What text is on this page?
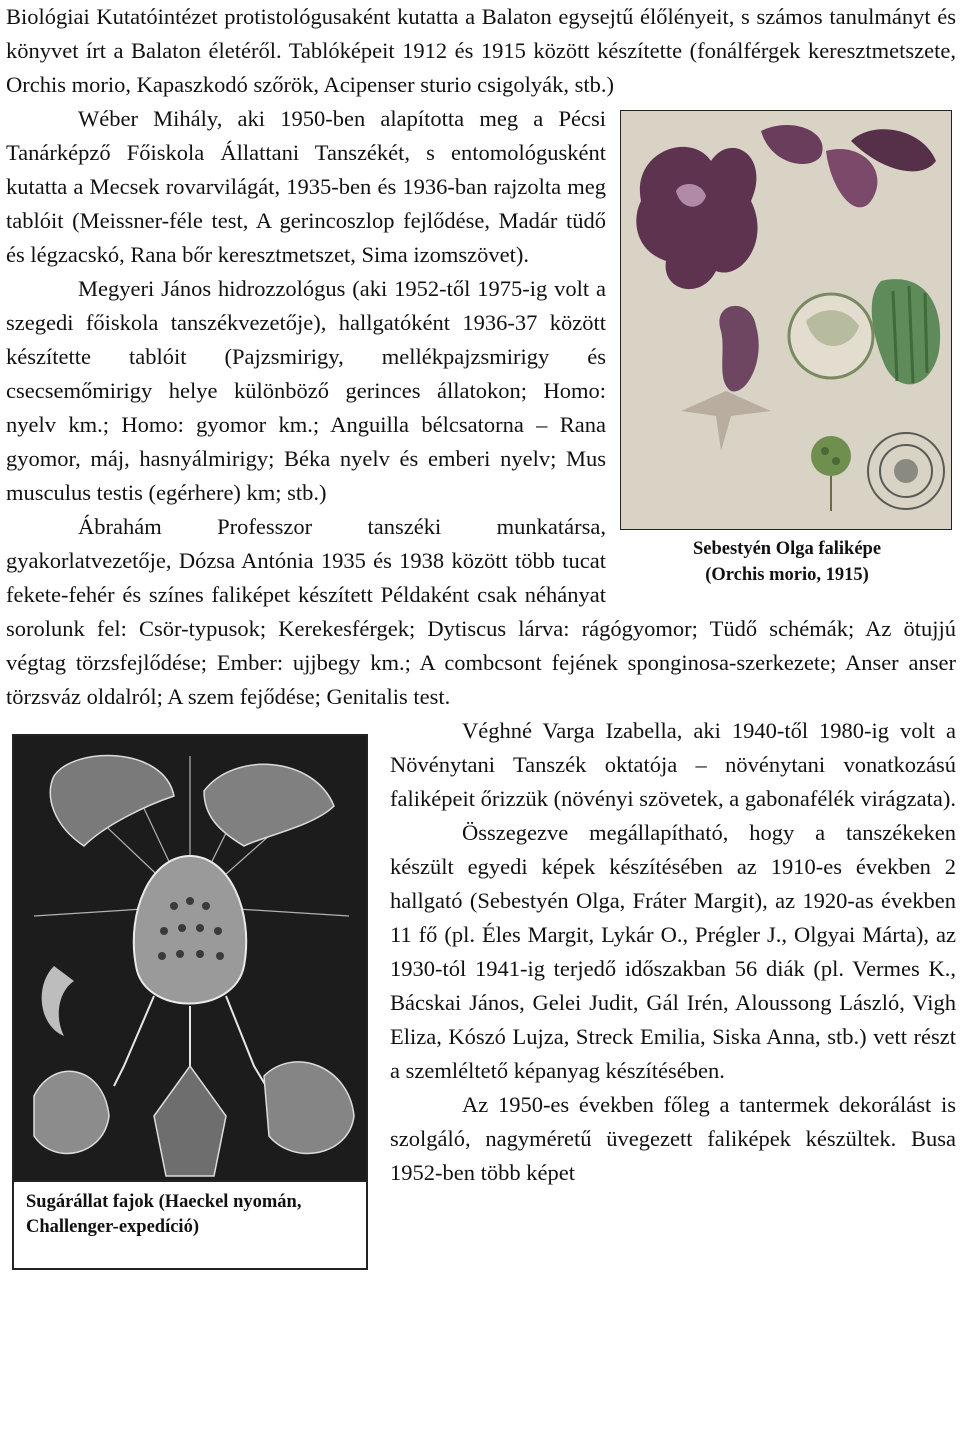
Biológiai Kutatóintézet protistológusaként kutatta a Balaton egysejtű élőlényeit, s számos tanulmányt és könyvet írt a Balaton életéről. Tablóképeit 1912 és 1915 között készítette (fonálférgek keresztmetszete, Orchis morio, Kapaszkodó szőrök, Acipenser sturio csigolyák, stb.)

Sebestyén Olga faliképe
(Orchis morio, 1915)

Wéber Mihály, aki 1950-ben alapította meg a Pécsi Tanárképző Főiskola Állattani Tanszékét, s entomológusként kutatta a Mecsek rovarvilágát, 1935-ben és 1936-ban rajzolta meg tablóit (Meissner-féle test, A gerincoszlop fejlődése, Madár tüdő és légzacskó, Rana bőr keresztmetszet, Sima izomszövet).

Megyeri János hidrozzológus (aki 1952-től 1975-ig volt a szegedi főiskola tanszékvezetője), hallgatóként 1936-37 között készítette tablóit (Pajzsmirigy, mellékpajzsmirigy és csecsemőmirigy helye különböző gerinces állatokon; Homo: nyelv km.; Homo: gyomor km.; Anguilla bélcsatorna – Rana gyomor, máj, hasnyálmirigy; Béka nyelv és emberi nyelv; Mus musculus testis (egérhere) km; stb.)

Ábrahám Professzor tanszéki munkatársa, gyakorlatvezetője, Dózsa Antónia 1935 és 1938 között több tucat fekete-fehér és színes faliképet készített Példaként csak néhányat sorolunk fel: Csör-typusok; Kerekesférgek; Dytiscus lárva: rágógyomor; Tüdő schémák; Az ötujjú végtag törzsfejlődése; Ember: ujjbegy km.; A combcsont fejének sponginosa-szerkezete; Anser anser törzsváz oldalról; A szem fejődése; Genitalis test.

Sugárállat fajok (Haeckel nyomán,
Challenger-expedíció)

Véghné Varga Izabella, aki 1940-től 1980-ig volt a Növénytani Tanszék oktatója – növénytani vonatkozású faliképeit őrizzük (növényi szövetek, a gabonafélék virágzata).

Összegezve megállapítható, hogy a tanszékeken készült egyedi képek készítésében az 1910-es években 2 hallgató (Sebestyén Olga, Fráter Margit), az 1920-as években 11 fő (pl. Éles Margit, Lykár O., Prégler J., Olgyai Márta), az 1930-tól 1941-ig terjedő időszakban 56 diák (pl. Vermes K., Bácskai János, Gelei Judit, Gál Irén, Aloussong László, Vigh Eliza, Kószó Lujza, Streck Emilia, Siska Anna, stb.) vett részt a szemléltető képanyag készítésében.

Az 1950-es években főleg a tantermek dekorálást is szolgáló, nagyméretű üvegezett faliképek készültek. Busa 1952-ben több képet
